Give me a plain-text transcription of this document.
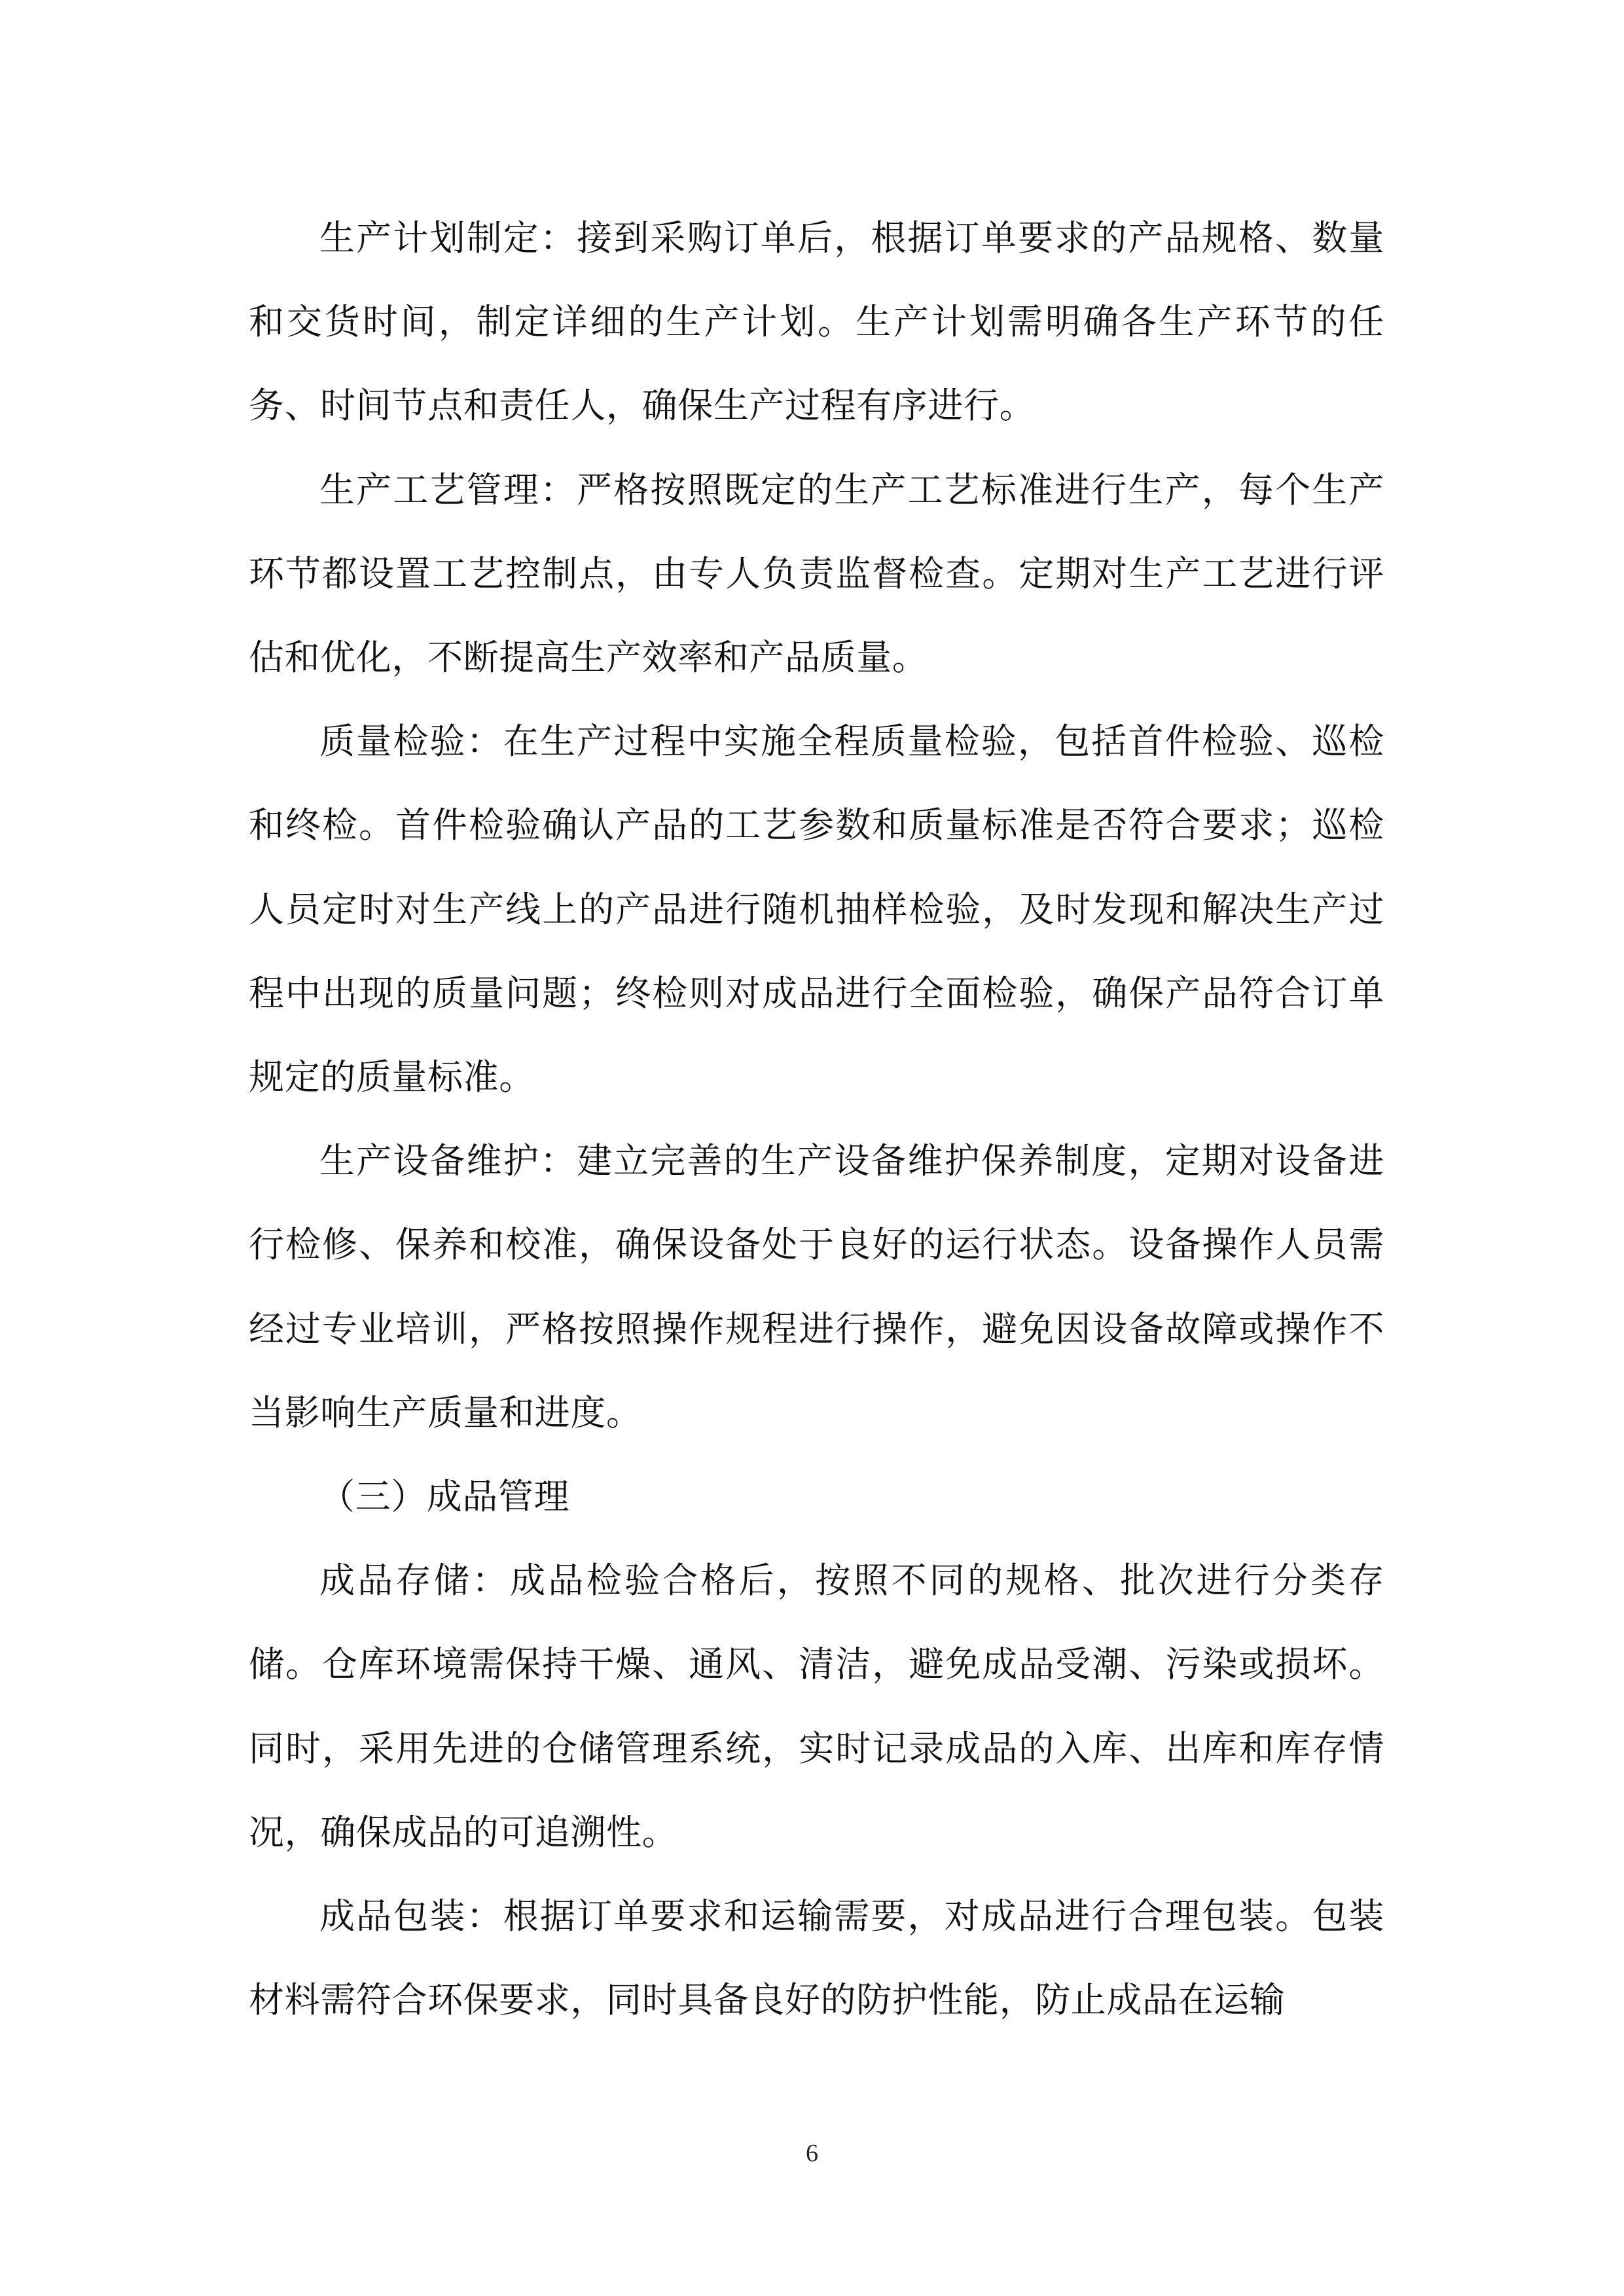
生产计划制定：接到采购订单后，根据订单要求的产品规格、数量和交货时间，制定详细的生产计划。生产计划需明确各生产环节的任务、时间节点和责任人，确保生产过程有序进行。

生产工艺管理：严格按照既定的生产工艺标准进行生产，每个生产环节都设置工艺控制点，由专人负责监督检查。定期对生产工艺进行评估和优化，不断提高生产效率和产品质量。

质量检验：在生产过程中实施全程质量检验，包括首件检验、巡检和终检。首件检验确认产品的工艺参数和质量标准是否符合要求；巡检人员定时对生产线上的产品进行随机抽样检验，及时发现和解决生产过程中出现的质量问题；终检则对成品进行全面检验，确保产品符合订单规定的质量标准。

生产设备维护：建立完善的生产设备维护保养制度，定期对设备进行检修、保养和校准，确保设备处于良好的运行状态。设备操作人员需经过专业培训，严格按照操作规程进行操作，避免因设备故障或操作不当影响生产质量和进度。

（三）成品管理

成品存储：成品检验合格后，按照不同的规格、批次进行分类存储。仓库环境需保持干燥、通风、清洁，避免成品受潮、污染或损坏。同时，采用先进的仓储管理系统，实时记录成品的入库、出库和库存情况，确保成品的可追溯性。

成品包装：根据订单要求和运输需要，对成品进行合理包装。包装材料需符合环保要求，同时具备良好的防护性能，防止成品在运输

6
